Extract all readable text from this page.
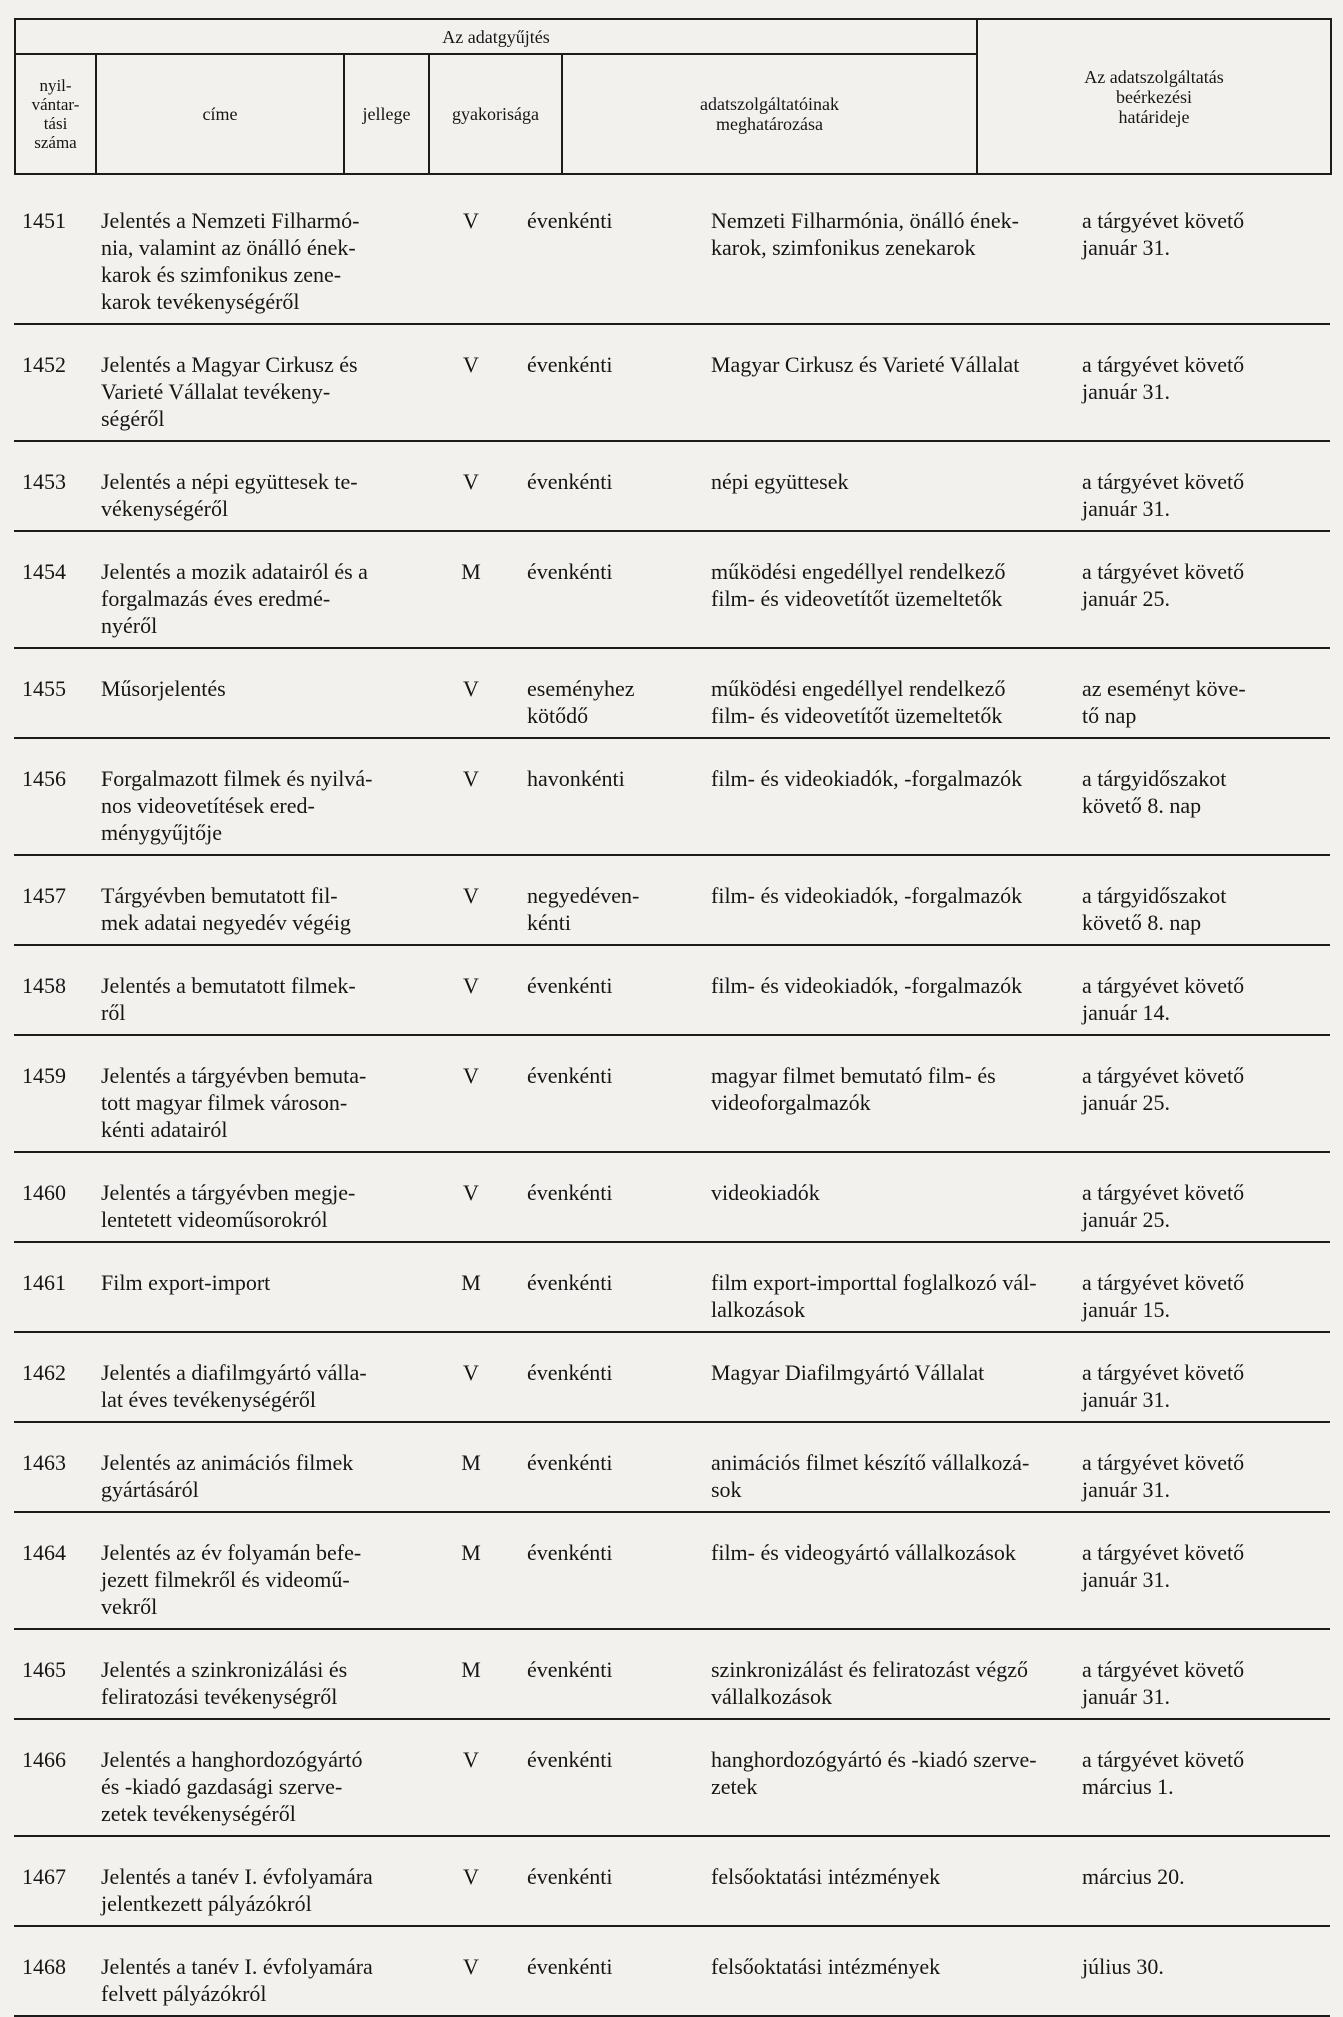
Az adatgyűjtés					Az adatszolgáltatás
beérkezési
határideje
nyil-
vántar-
tási
száma	címe	jellege	gyakorisága	adatszolgáltatóinak
meghatározása	
1451	Jelentés a Nemzeti Filharmó-
nia, valamint az önálló ének-
karok és szimfonikus zene-
karok tevékenységéről	V	évenkénti	Nemzeti Filharmónia, önálló ének-
karok, szimfonikus zenekarok	a tárgyévet követő
január 31.
1452	Jelentés a Magyar Cirkusz és
Varieté Vállalat tevékeny-
ségéről	V	évenkénti	Magyar Cirkusz és Varieté Vállalat	a tárgyévet követő
január 31.
1453	Jelentés a népi együttesek te-
vékenységéről	V	évenkénti	népi együttesek	a tárgyévet követő
január 31.
1454	Jelentés a mozik adatairól és a
forgalmazás éves eredmé-
nyéről	M	évenkénti	működési engedéllyel rendelkező
film- és videovetítőt üzemeltetők	a tárgyévet követő
január 25.
1455	Műsorjelentés	V	eseményhez
kötődő	működési engedéllyel rendelkező
film- és videovetítőt üzemeltetők	az eseményt köve-
tő nap
1456	Forgalmazott filmek és nyilvá-
nos videovetítések ered-
ménygyűjtője	V	havonkénti	film- és videokiadók, -forgalmazók	a tárgyidőszakot
követő 8. nap
1457	Tárgyévben bemutatott fil-
mek adatai negyedév végéig	V	negyedéven-
kénti	film- és videokiadók, -forgalmazók	a tárgyidőszakot
követő 8. nap
1458	Jelentés a bemutatott filmek-
ről	V	évenkénti	film- és videokiadók, -forgalmazók	a tárgyévet követő
január 14.
1459	Jelentés a tárgyévben bemuta-
tott magyar filmek városon-
kénti adatairól	V	évenkénti	magyar filmet bemutató film- és
videoforgalmazók	a tárgyévet követő
január 25.
1460	Jelentés a tárgyévben megje-
lentetett videoműsorokról	V	évenkénti	videokiadók	a tárgyévet követő
január 25.
1461	Film export-import	M	évenkénti	film export-importtal foglalkozó vál-
lalkozások	a tárgyévet követő
január 15.
1462	Jelentés a diafilmgyártó válla-
lat éves tevékenységéről	V	évenkénti	Magyar Diafilmgyártó Vállalat	a tárgyévet követő
január 31.
1463	Jelentés az animációs filmek
gyártásáról	M	évenkénti	animációs filmet készítő vállalkozá-
sok	a tárgyévet követő
január 31.
1464	Jelentés az év folyamán befe-
jezett filmekről és videomű-
vekről	M	évenkénti	film- és videogyártó vállalkozások	a tárgyévet követő
január 31.
1465	Jelentés a szinkronizálási és
feliratozási tevékenységről	M	évenkénti	szinkronizálást és feliratozást végző
vállalkozások	a tárgyévet követő
január 31.
1466	Jelentés a hanghordozógyártó
és -kiadó gazdasági szerve-
zetek tevékenységéről	V	évenkénti	hanghordozógyártó és -kiadó szerve-
zetek	a tárgyévet követő
március 1.
1467	Jelentés a tanév I. évfolyamára
jelentkezett pályázókról	V	évenkénti	felsőoktatási intézmények	március 20.
1468	Jelentés a tanév I. évfolyamára
felvett pályázókról	V	évenkénti	felsőoktatási intézmények	július 30.
